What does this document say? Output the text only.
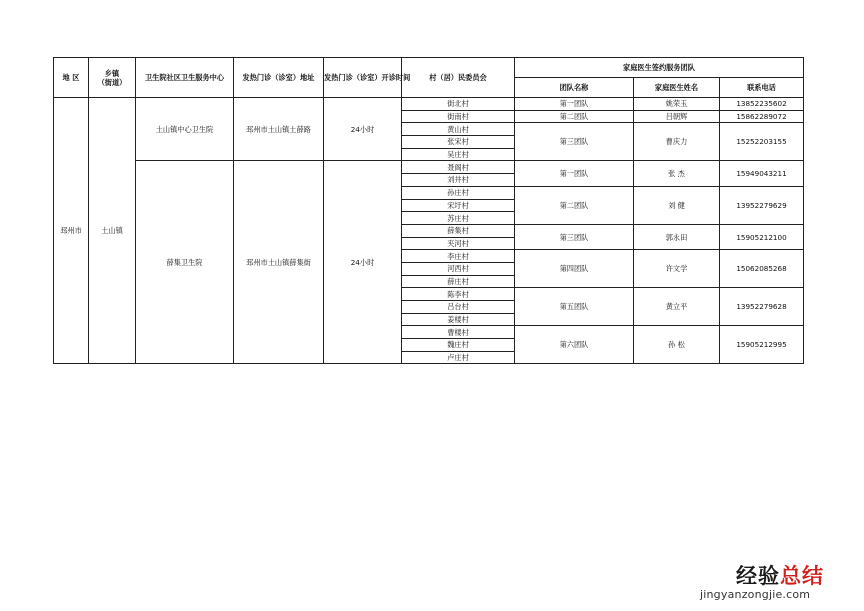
地 区	乡镇
（街道）	卫生院社区卫生服务中心	发热门诊（诊室）地址	发热门诊（诊室）开诊时间	村（居）民委员会	家庭医生签约服务团队		
						团队名称	家庭医生姓名	联系电话
邳州市	土山镇	土山镇中心卫生院	邳州市土山镇土薛路	24小时	街北村	第一团队	姚荣玉	13852235602
					街南村	第二团队	吕朝辉	15862289072
					黄山村	第三团队	曹庆力	15252203155
					张宋村			
					吴庄村			
		薛集卫生院	邳州市土山镇薛集街	24小时	聂阁村	第一团队	张 杰	15949043211
					刘井村			
					孙庄村	第二团队	刘 健	13952279629
					宋圩村			
					苏庄村			
					薛集村	第三团队	郭永田	15905212100
					夹河村			
					李庄村	第四团队	许文学	15062085268
					河西村			
					薛庄村			
					陈李村	第五团队	黄立平	13952279628
					吕台村			
					姜楼村			
					曹楼村	第六团队	孙 松	15905212995
					魏庄村			
					卢庄村			
经验总结
jingyanzongjie.com
